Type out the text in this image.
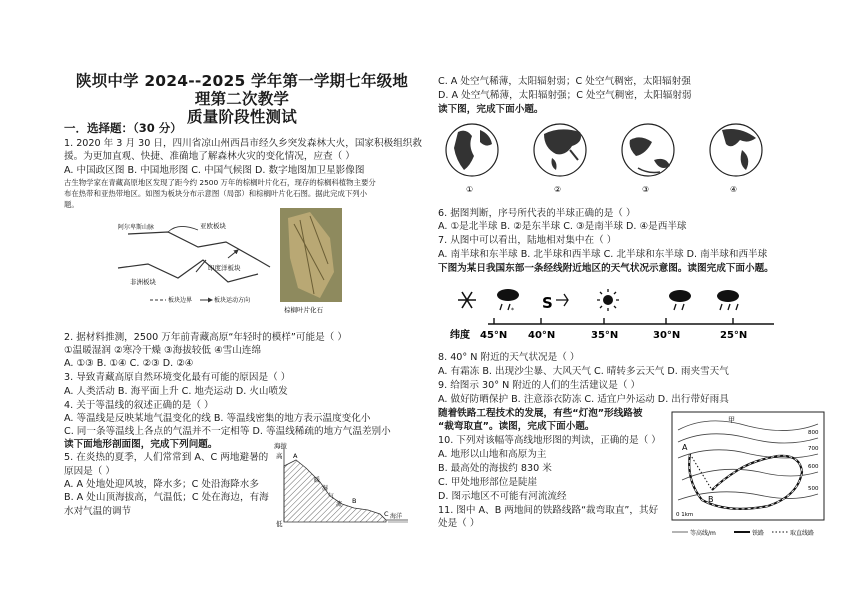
陕坝中学 2024--2025 学年第一学期七年级地理第二次教学
质量阶段性测试
一．选择题：（30 分）
1. 2020 年 3 月 30 日，四川省凉山州西昌市经久乡突发森林大火，国家积极组织救
援。为更加直观、快捷、准确地了解森林火灾的变化情况，应查（ ）
A. 中国政区图 B. 中国地形图 C. 中国气候图 D. 数字地图加卫星影像图
古生物学家在青藏高原地区发现了距今约 2500 万年的棕榈叶片化石，现存的棕榈科植物主要分
布在热带和亚热带地区。如图为板块分布示意图（局部）和棕榈叶片化石图。据此完成下列小
题。
阿尔卑斯山脉	亚欧板块
非洲板块
印度洋板块
板块边界	板块运动方向
棕榈叶片化石
2. 据材料推测，2500 万年前青藏高原“年轻时的模样”可能是（ ）
①温暖湿润 ②寒冷干燥 ③海拔较低 ④雪山连绵
A. ①③ B. ①④ C. ②③ D. ②④
3. 导致青藏高原自然环境变化最有可能的原因是（ ）
A. 人类活动 B. 海平面上升 C. 地壳运动 D. 火山喷发
4. 关于等温线的叙述正确的是（ ）
A. 等温线是反映某地气温变化的线 B. 等温线密集的地方表示温度变化小
C. 同一条等温线上各点的气温并不一定相等 D. 等温线稀疏的地方气温差别小
读下面地形剖面图，完成下列问题。
5. 在炎热的夏季，人们常常到 A、C 两地避暑的
原因是（ ）
A. A 处地处迎风坡，降水多；C 处沿海降水多
B. A 处山顶海拔高，气温低；C 处在海边，有海
水对气温的调节
海拔
高
低
A
B
C
暖
湿
气
流
海洋
C. A 处空气稀薄，太阳辐射弱；C 处空气稠密，太阳辐射强
D. A 处空气稀薄，太阳辐射强；C 处空气稠密，太阳辐射弱
读下图，完成下面小题。
①	②	③	④
6. 据图判断，序号所代表的半球正确的是（ ）
A. ①是北半球 B. ②是东半球 C. ③是南半球 D. ④是西半球
7. 从图中可以看出，陆地相对集中在（ ）
A. 南半球和东半球 B. 北半球和西半球 C. 北半球和东半球 D. 南半球和西半球
下图为某日我国东部一条经线附近地区的天气状况示意图。读图完成下面小题。
* S
纬度 45°N 40°N	35°N	30°N	25°N
8. 40° N 附近的天气状况是（ ）
A. 有霜冻 B. 出现沙尘暴、大风天气 C. 晴转多云天气 D. 雨夹雪天气
9. 给图示 30° N 附近的人们的生活建议是（ ）
A. 做好防晒保护 B. 注意添衣防冻 C. 适宜户外运动 D. 出行带好雨具
随着铁路工程技术的发展，有些“灯泡”形线路被
“裁弯取直”。读图，完成下面小题。
10. 下列对该幅等高线地形图的判读，正确的是（ ）
A. 地形以山地和高原为主
B. 最高处的海拔约 830 米
C. 甲处地形部位是陡崖
D. 图示地区不可能有河流流经
11. 图中 A、B 两地间的铁路线路“裁弯取直”，其好
处是（ ）
甲
A
B
800
700
600
500
0 1km
等高线/m	铁路	取直线路
